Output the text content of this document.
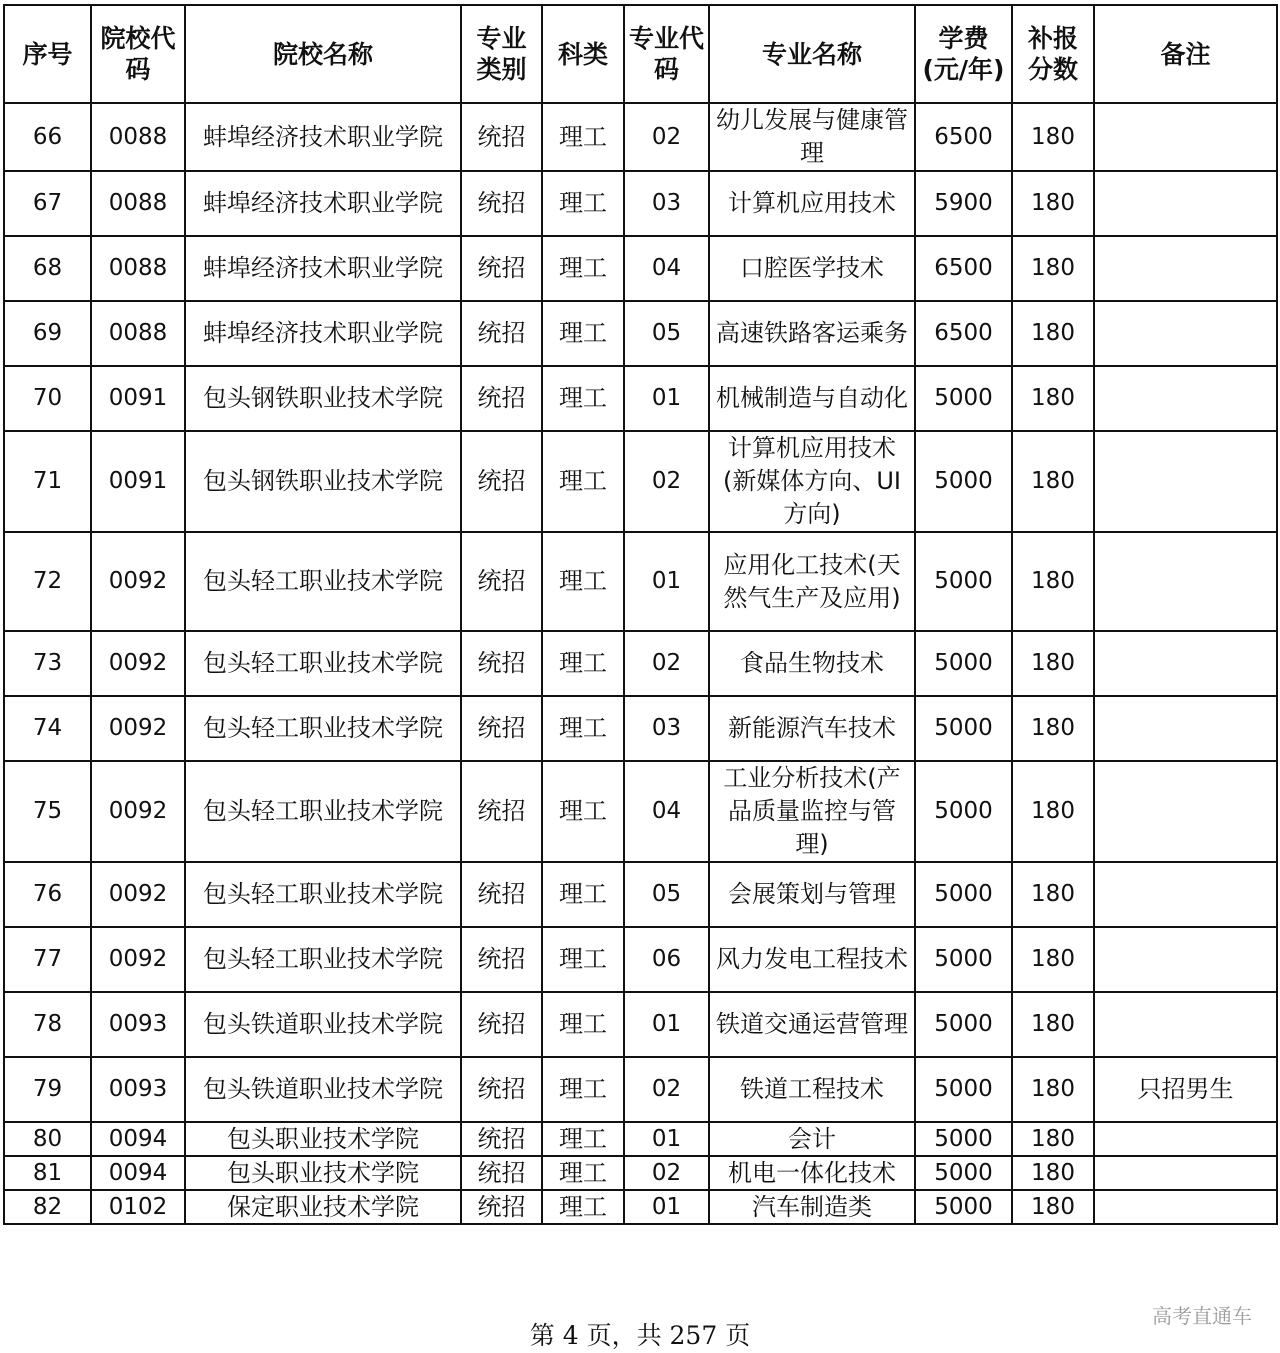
序号	院校代码	院校名称	专业类别	科类	专业代码	专业名称	学费(元/年)	补报分数	备注
66	0088	蚌埠经济技术职业学院	统招	理工	02	幼儿发展与健康管理	6500	180	
67	0088	蚌埠经济技术职业学院	统招	理工	03	计算机应用技术	5900	180	
68	0088	蚌埠经济技术职业学院	统招	理工	04	口腔医学技术	6500	180	
69	0088	蚌埠经济技术职业学院	统招	理工	05	高速铁路客运乘务	6500	180	
70	0091	包头钢铁职业技术学院	统招	理工	01	机械制造与自动化	5000	180	
71	0091	包头钢铁职业技术学院	统招	理工	02	计算机应用技术(新媒体方向、UI方向)	5000	180	
72	0092	包头轻工职业技术学院	统招	理工	01	应用化工技术(天然气生产及应用)	5000	180	
73	0092	包头轻工职业技术学院	统招	理工	02	食品生物技术	5000	180	
74	0092	包头轻工职业技术学院	统招	理工	03	新能源汽车技术	5000	180	
75	0092	包头轻工职业技术学院	统招	理工	04	工业分析技术(产品质量监控与管理)	5000	180	
76	0092	包头轻工职业技术学院	统招	理工	05	会展策划与管理	5000	180	
77	0092	包头轻工职业技术学院	统招	理工	06	风力发电工程技术	5000	180	
78	0093	包头铁道职业技术学院	统招	理工	01	铁道交通运营管理	5000	180	
79	0093	包头铁道职业技术学院	统招	理工	02	铁道工程技术	5000	180	只招男生
80	0094	包头职业技术学院	统招	理工	01	会计	5000	180	
81	0094	包头职业技术学院	统招	理工	02	机电一体化技术	5000	180	
82	0102	保定职业技术学院	统招	理工	01	汽车制造类	5000	180	
第 4 页，共 257 页
高考直通车
